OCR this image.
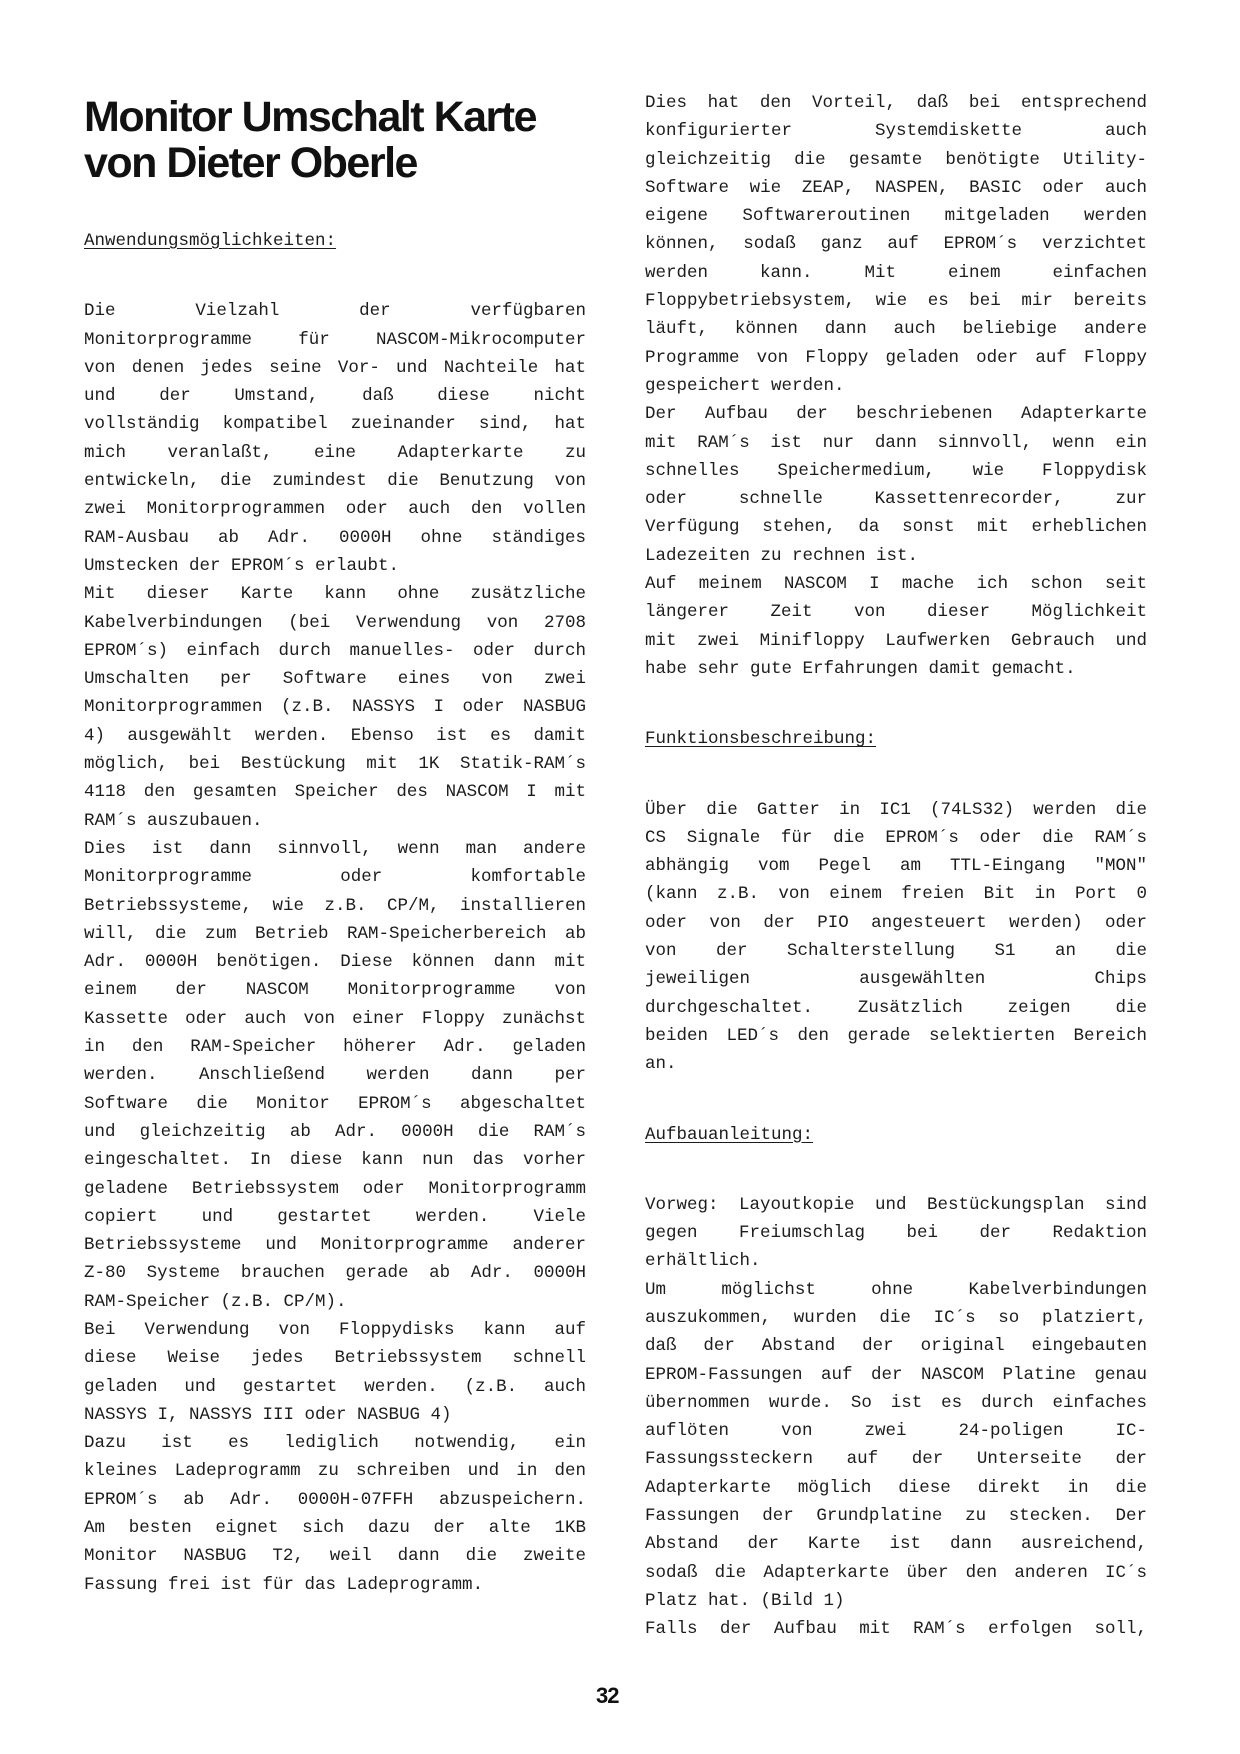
Monitor Umschalt Karte
von Dieter Oberle
Anwendungsmöglichkeiten:
Die Vielzahl der verfügbaren
Monitorprogramme für NASCOM-Mikrocomputer
von denen jedes seine Vor- und Nachteile hat
und der Umstand, daß diese nicht
vollständig kompatibel zueinander sind, hat
mich veranlaßt, eine Adapterkarte zu
entwickeln, die zumindest die Benutzung von
zwei Monitorprogrammen oder auch den vollen
RAM-Ausbau ab Adr. 0000H ohne ständiges
Umstecken der EPROM´s erlaubt.
Mit dieser Karte kann ohne zusätzliche
Kabelverbindungen (bei Verwendung von 2708
EPROM´s) einfach durch manuelles- oder durch
Umschalten per Software eines von zwei
Monitorprogrammen (z.B. NASSYS I oder NASBUG
4) ausgewählt werden. Ebenso ist es damit
möglich, bei Bestückung mit 1K Statik-RAM´s
4118 den gesamten Speicher des NASCOM I mit
RAM´s auszubauen.
Dies ist dann sinnvoll, wenn man andere
Monitorprogramme oder komfortable
Betriebssysteme, wie z.B. CP/M, installieren
will, die zum Betrieb RAM-Speicherbereich ab
Adr. 0000H benötigen. Diese können dann mit
einem der NASCOM Monitorprogramme von
Kassette oder auch von einer Floppy zunächst
in den RAM-Speicher höherer Adr. geladen
werden. Anschließend werden dann per
Software die Monitor EPROM´s abgeschaltet
und gleichzeitig ab Adr. 0000H die RAM´s
eingeschaltet. In diese kann nun das vorher
geladene Betriebssystem oder Monitorprogramm
copiert und gestartet werden. Viele
Betriebssysteme und Monitorprogramme anderer
Z-80 Systeme brauchen gerade ab Adr. 0000H
RAM-Speicher (z.B. CP/M).
Bei Verwendung von Floppydisks kann auf
diese Weise jedes Betriebssystem schnell
geladen und gestartet werden. (z.B. auch
NASSYS I, NASSYS III oder NASBUG 4)
Dazu ist es lediglich notwendig, ein
kleines Ladeprogramm zu schreiben und in den
EPROM´s ab Adr. 0000H-07FFH abzuspeichern.
Am besten eignet sich dazu der alte 1KB
Monitor NASBUG T2, weil dann die zweite
Fassung frei ist für das Ladeprogramm.
Dies hat den Vorteil, daß bei entsprechend
konfigurierter Systemdiskette auch
gleichzeitig die gesamte benötigte Utility-
Software wie ZEAP, NASPEN, BASIC oder auch
eigene Softwareroutinen mitgeladen werden
können, sodaß ganz auf EPROM´s verzichtet
werden kann. Mit einem einfachen
Floppybetriebsystem, wie es bei mir bereits
läuft, können dann auch beliebige andere
Programme von Floppy geladen oder auf Floppy
gespeichert werden.
Der Aufbau der beschriebenen Adapterkarte
mit RAM´s ist nur dann sinnvoll, wenn ein
schnelles Speichermedium, wie Floppydisk
oder schnelle Kassettenrecorder, zur
Verfügung stehen, da sonst mit erheblichen
Ladezeiten zu rechnen ist.
Auf meinem NASCOM I mache ich schon seit
längerer Zeit von dieser Möglichkeit
mit zwei Minifloppy Laufwerken Gebrauch und
habe sehr gute Erfahrungen damit gemacht.
Funktionsbeschreibung:
Über die Gatter in IC1 (74LS32) werden die
CS Signale für die EPROM´s oder die RAM´s
abhängig vom Pegel am TTL-Eingang "MON"
(kann z.B. von einem freien Bit in Port 0
oder von der PIO angesteuert werden) oder
von der Schalterstellung S1 an die
jeweiligen ausgewählten Chips
durchgeschaltet. Zusätzlich zeigen die
beiden LED´s den gerade selektierten Bereich
an.
Aufbauanleitung:
Vorweg: Layoutkopie und Bestückungsplan sind
gegen Freiumschlag bei der Redaktion
erhältlich.
Um möglichst ohne Kabelverbindungen
auszukommen, wurden die IC´s so platziert,
daß der Abstand der original eingebauten
EPROM-Fassungen auf der NASCOM Platine genau
übernommen wurde. So ist es durch einfaches
auflöten von zwei 24-poligen IC-
Fassungssteckern auf der Unterseite der
Adapterkarte möglich diese direkt in die
Fassungen der Grundplatine zu stecken. Der
Abstand der Karte ist dann ausreichend,
sodaß die Adapterkarte über den anderen IC´s
Platz hat. (Bild 1)
Falls der Aufbau mit RAM´s erfolgen soll,
32
